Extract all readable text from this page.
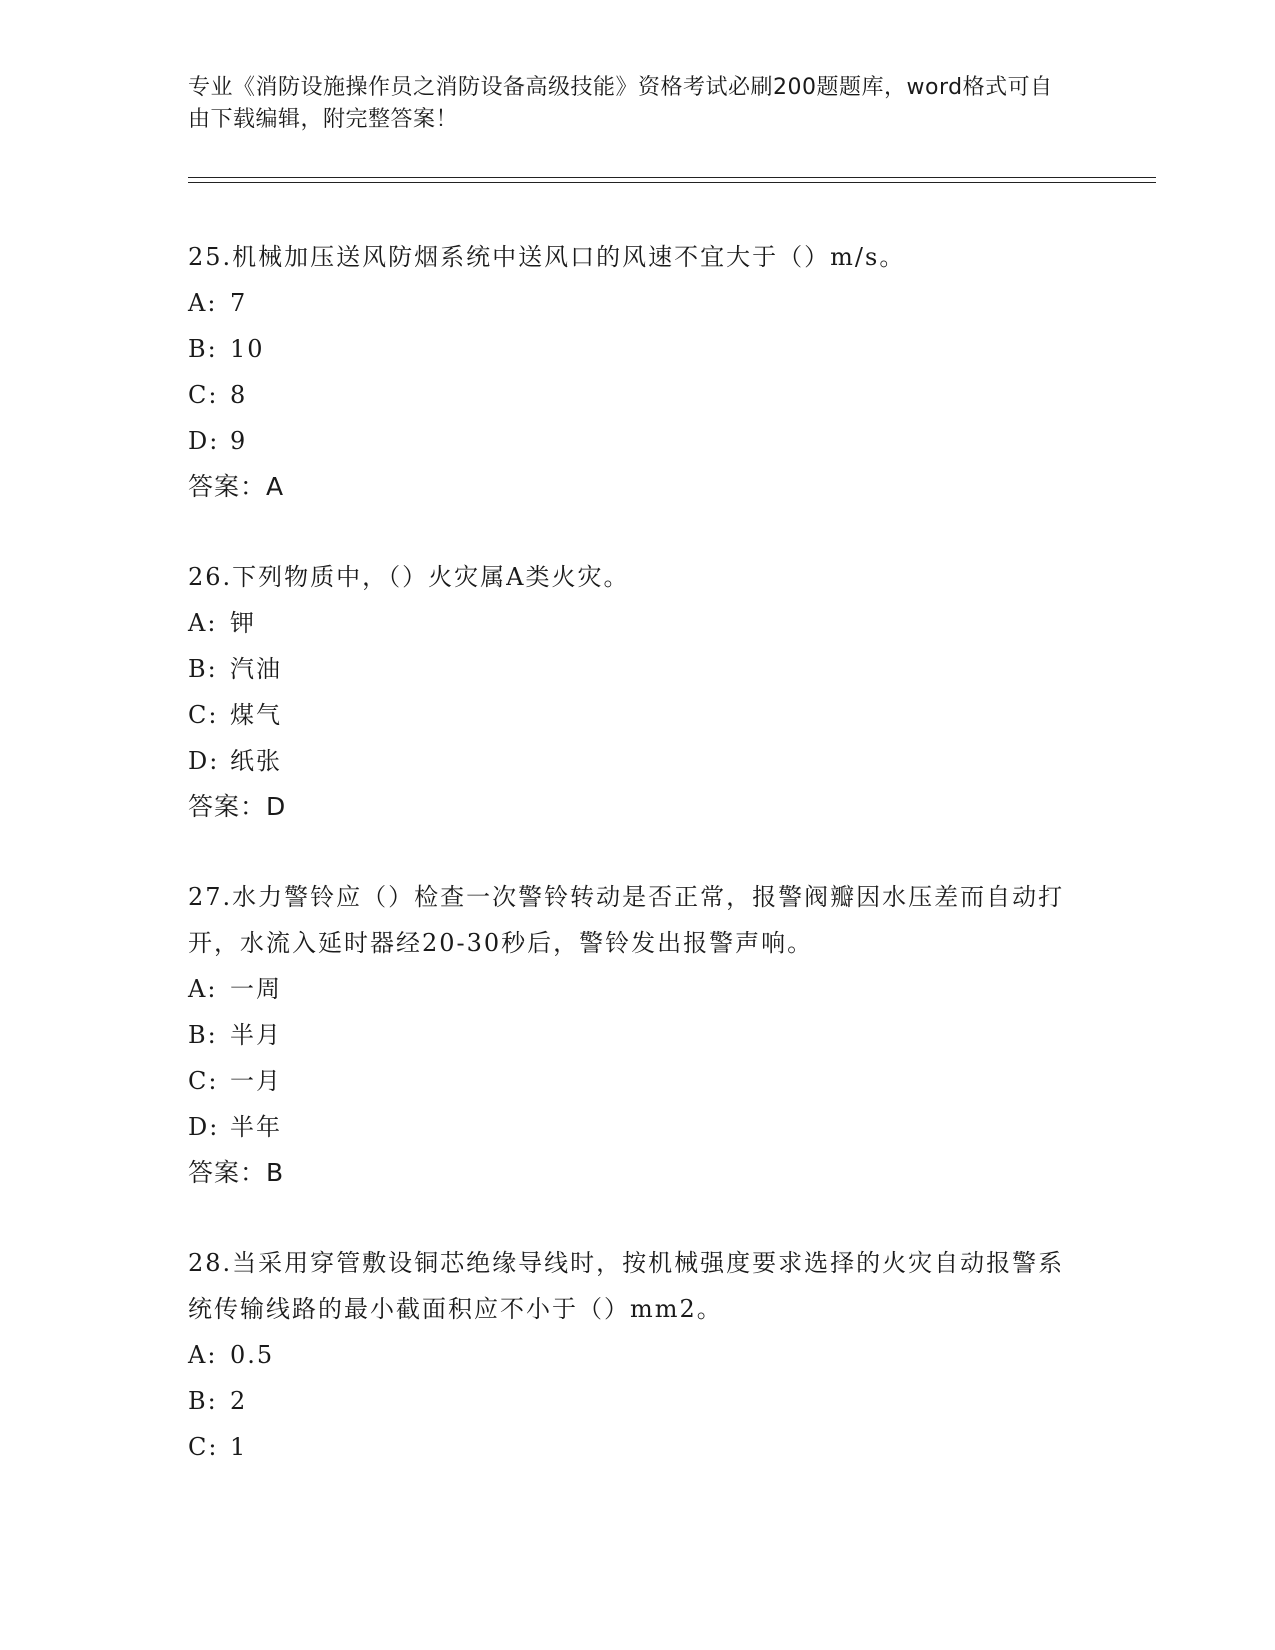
专业《消防设施操作员之消防设备高级技能》资格考试必刷200题题库，word格式可自由下载编辑，附完整答案！

25.机械加压送风防烟系统中送风口的风速不宜大于（）m/s。

A: 7

B: 10

C: 8

D: 9

答案：A

26.下列物质中，（）火灾属A类火灾。

A: 钾

B: 汽油

C: 煤气

D: 纸张

答案：D

27.水力警铃应（）检查一次警铃转动是否正常，报警阀瓣因水压差而自动打开，水流入延时器经20-30秒后，警铃发出报警声响。

A: 一周

B: 半月

C: 一月

D: 半年

答案：B

28.当采用穿管敷设铜芯绝缘导线时，按机械强度要求选择的火灾自动报警系统传输线路的最小截面积应不小于（）mm2。

A: 0.5

B: 2

C: 1
